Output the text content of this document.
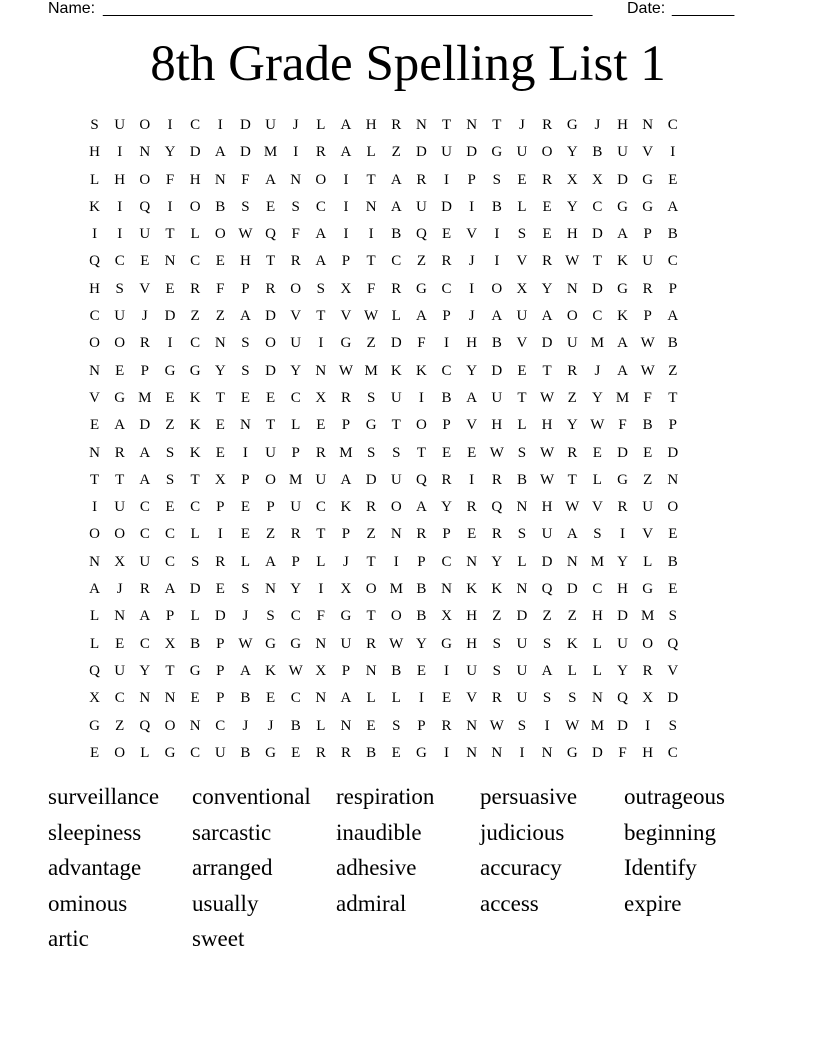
Name: _______________________________________________________ Date: _______
8th Grade Spelling List 1
S	U O	I	C	I	D U	J	L	A H R N	T	N	T	J	R G	J	H N C
H	I	N Y D A D M	I	R A	L	Z	D U D G U O Y B U V	I
L	H O	F	H N	F	A N O	I	T	A R	I	P	S	E	R X X D G	E
K	I	Q	I	O B	S	E	S	C	I	N A U D	I	B	L	E	Y C G G A
I	I	U	T	L	O W Q	F	A	I	I	B Q	E	V	I	S	E	H D A	P	B
Q C	E	N C	E	H	T	R A	P	T	C	Z	R	J	I	V R W T	K U C
H	S	V	E	R	F	P	R O	S	X	F	R G C	I	O X Y N D G R	P
C U	J	D	Z	Z	A D V	T	V W L	A	P	J	A U A O C K	P	A
O O R	I	C N	S	O U	I	G	Z	D	F	I	H B V D U M A W B
N	E	P	G G Y	S	D Y N W M K K C Y D	E	T	R	J	A W Z
V G M E	K	T	E	E	C X R	S	U	I	B A U	T W Z	Y M F	T
E	A D	Z	K	E	N	T	L	E	P	G	T	O	P	V H	L	H Y W F	B	P
N R A	S	K	E	I	U	P	R M S	S	T	E	E W S W R	E	D	E	D
T	T	A	S	T	X	P	O M U A D U Q R	I	R	B W T	L	G	Z	N
I	U C	E	C	P	E	P	U C K R O A Y R Q N H W V R U O
O O C	C	L	I	E	Z	R	T	P	Z	N R	P	E	R	S	U A	S	I	V	E
N X U C	S	R	L	A	P	L	J	T	I	P	C N Y	L	D N M Y	L	B
A	J	R A D	E	S	N Y	I	X O M B N K K N Q D C H G	E
L	N A	P	L	D	J	S	C	F	G	T	O B X H	Z	D	Z	Z	H D M S
L	E	C X B	P W G G N U R W Y G H	S	U	S	K	L	U O Q
Q U Y	T	G	P	A K W X	P	N B	E	I	U	S	U A	L	L	Y R V
X C N N	E	P	B	E	C N A	L	L	I	E	V R U	S	S	N Q X D
G	Z	Q O N C	J	J	B	L	N	E	S	P	R N W S	I	W M D	I	S
E	O	L	G C U B G	E	R	R	B	E	G	I	N N	I	N G D	F	H C
surveillance	conventional	respiration	persuasive	outrageous
sleepiness	sarcastic	inaudible	judicious	beginning
advantage	arranged	adhesive	accuracy	Identify
ominous	usually	admiral	access	expire
artic	sweet
